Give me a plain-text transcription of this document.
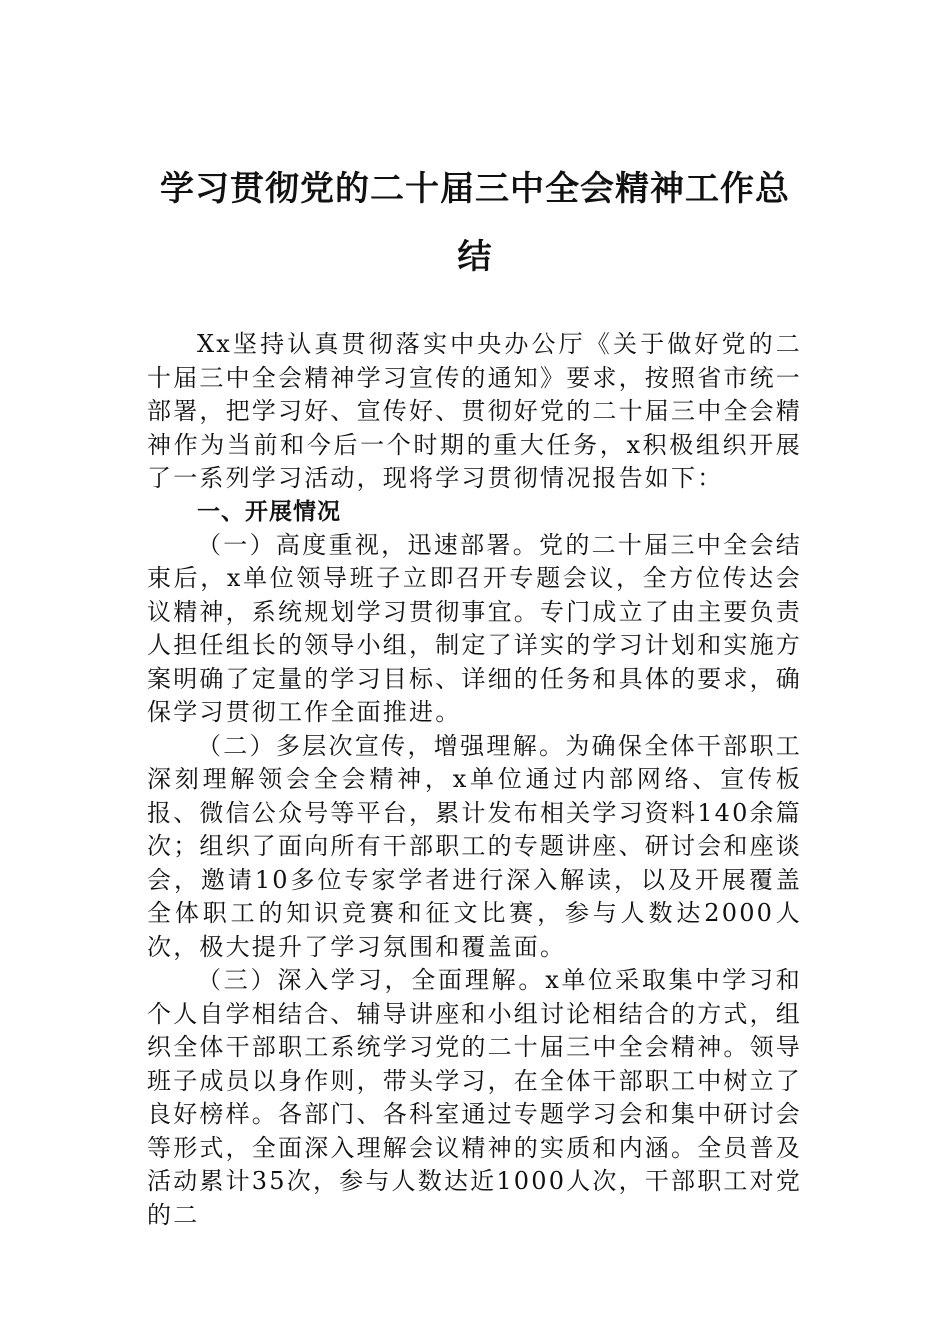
学习贯彻党的二十届三中全会精神工作总结

Xx坚持认真贯彻落实中央办公厅《关于做好党的二十届三中全会精神学习宣传的通知》要求，按照省市统一部署，把学习好、宣传好、贯彻好党的二十届三中全会精神作为当前和今后一个时期的重大任务，x积极组织开展了一系列学习活动，现将学习贯彻情况报告如下：

一、开展情况

（一）高度重视，迅速部署。党的二十届三中全会结束后，x单位领导班子立即召开专题会议，全方位传达会议精神，系统规划学习贯彻事宜。专门成立了由主要负责人担任组长的领导小组，制定了详实的学习计划和实施方案明确了定量的学习目标、详细的任务和具体的要求，确保学习贯彻工作全面推进。

（二）多层次宣传，增强理解。为确保全体干部职工深刻理解领会全会精神，x单位通过内部网络、宣传板报、微信公众号等平台，累计发布相关学习资料140余篇次；组织了面向所有干部职工的专题讲座、研讨会和座谈会，邀请10多位专家学者进行深入解读，以及开展覆盖全体职工的知识竞赛和征文比赛，参与人数达2000人次，极大提升了学习氛围和覆盖面。

（三）深入学习，全面理解。x单位采取集中学习和个人自学相结合、辅导讲座和小组讨论相结合的方式，组织全体干部职工系统学习党的二十届三中全会精神。领导班子成员以身作则，带头学习，在全体干部职工中树立了良好榜样。各部门、各科室通过专题学习会和集中研讨会等形式，全面深入理解会议精神的实质和内涵。全员普及活动累计35次，参与人数达近1000人次，干部职工对党的二
